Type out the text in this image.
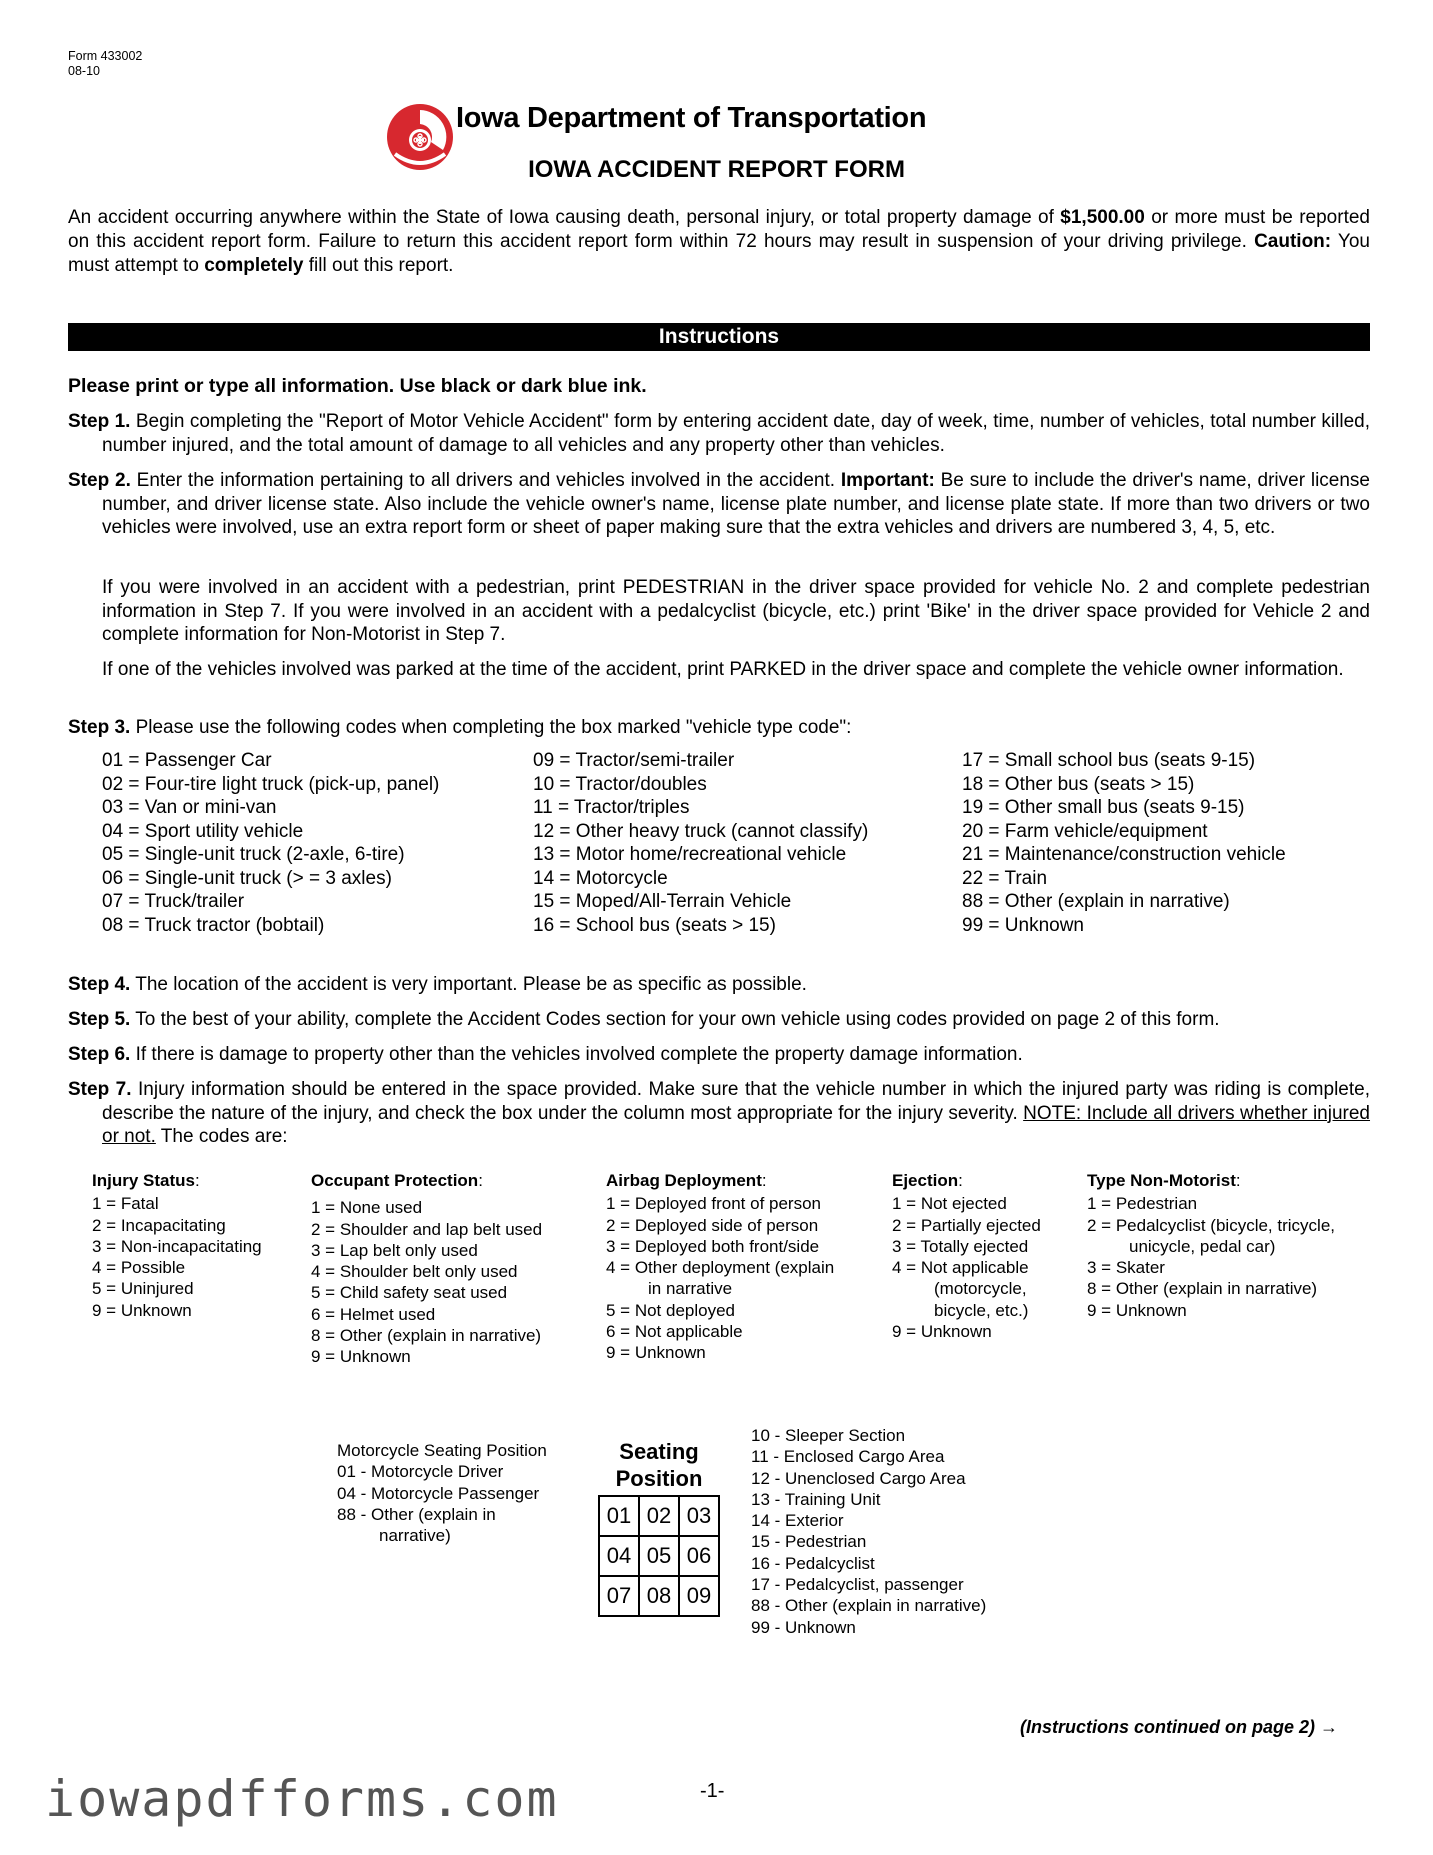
Form 433002
08-10
Iowa Department of Transportation
IOWA ACCIDENT REPORT FORM
An accident occurring anywhere within the State of Iowa causing death, personal injury, or total property damage of $1,500.00 or more must be reported on this accident report form. Failure to return this accident report form within 72 hours may result in suspension of your driving privilege. Caution: You must attempt to completely fill out this report.
Instructions
Please print or type all information. Use black or dark blue ink.
Step 1. Begin completing the "Report of Motor Vehicle Accident" form by entering accident date, day of week, time, number of vehicles, total number killed, number injured, and the total amount of damage to all vehicles and any property other than vehicles.
Step 2. Enter the information pertaining to all drivers and vehicles involved in the accident. Important: Be sure to include the driver's name, driver license number, and driver license state. Also include the vehicle owner's name, license plate number, and license plate state. If more than two drivers or two vehicles were involved, use an extra report form or sheet of paper making sure that the extra vehicles and drivers are numbered 3, 4, 5, etc.
If you were involved in an accident with a pedestrian, print PEDESTRIAN in the driver space provided for vehicle No. 2 and complete pedestrian information in Step 7. If you were involved in an accident with a pedalcyclist (bicycle, etc.) print 'Bike' in the driver space provided for Vehicle 2 and complete information for Non-Motorist in Step 7.
If one of the vehicles involved was parked at the time of the accident, print PARKED in the driver space and complete the vehicle owner information.
Step 3. Please use the following codes when completing the box marked "vehicle type code":
01 = Passenger Car
02 = Four-tire light truck (pick-up, panel)
03 = Van or mini-van
04 = Sport utility vehicle
05 = Single-unit truck (2-axle, 6-tire)
06 = Single-unit truck (> = 3 axles)
07 = Truck/trailer
08 = Truck tractor (bobtail)
09 = Tractor/semi-trailer
10 = Tractor/doubles
11 = Tractor/triples
12 = Other heavy truck (cannot classify)
13 = Motor home/recreational vehicle
14 = Motorcycle
15 = Moped/All-Terrain Vehicle
16 = School bus (seats > 15)
17 = Small school bus (seats 9-15)
18 = Other bus (seats > 15)
19 = Other small bus (seats 9-15)
20 = Farm vehicle/equipment
21 = Maintenance/construction vehicle
22 = Train
88 = Other (explain in narrative)
99 = Unknown
Step 4. The location of the accident is very important. Please be as specific as possible.
Step 5. To the best of your ability, complete the Accident Codes section for your own vehicle using codes provided on page 2 of this form.
Step 6. If there is damage to property other than the vehicles involved complete the property damage information.
Step 7. Injury information should be entered in the space provided. Make sure that the vehicle number in which the injured party was riding is complete, describe the nature of the injury, and check the box under the column most appropriate for the injury severity. NOTE: Include all drivers whether injured or not. The codes are:
Injury Status:
1 = Fatal
2 = Incapacitating
3 = Non-incapacitating
4 = Possible
5 = Uninjured
9 = Unknown
Occupant Protection:
1 = None used
2 = Shoulder and lap belt used
3 = Lap belt only used
4 = Shoulder belt only used
5 = Child safety seat used
6 = Helmet used
8 = Other (explain in narrative)
9 = Unknown
Airbag Deployment:
1 = Deployed front of person
2 = Deployed side of person
3 = Deployed both front/side
4 = Other deployment (explain
in narrative
5 = Not deployed
6 = Not applicable
9 = Unknown
Ejection:
1 = Not ejected
2 = Partially ejected
3 = Totally ejected
4 = Not applicable
(motorcycle,
bicycle, etc.)
9 = Unknown
Type Non-Motorist:
1 = Pedestrian
2 = Pedalcyclist (bicycle, tricycle,
unicycle, pedal car)
3 = Skater
8 = Other (explain in narrative)
9 = Unknown
Motorcycle Seating Position
01 - Motorcycle Driver
04 - Motorcycle Passenger
88 - Other (explain in
narrative)
Seating
Position
01	02	03
04	05	06
07	08	09
10 - Sleeper Section
11 - Enclosed Cargo Area
12 - Unenclosed Cargo Area
13 - Training Unit
14 - Exterior
15 - Pedestrian
16 - Pedalcyclist
17 - Pedalcyclist, passenger
88 - Other (explain in narrative)
99 - Unknown
(Instructions continued on page 2) →
iowapdfforms.com	-1-
